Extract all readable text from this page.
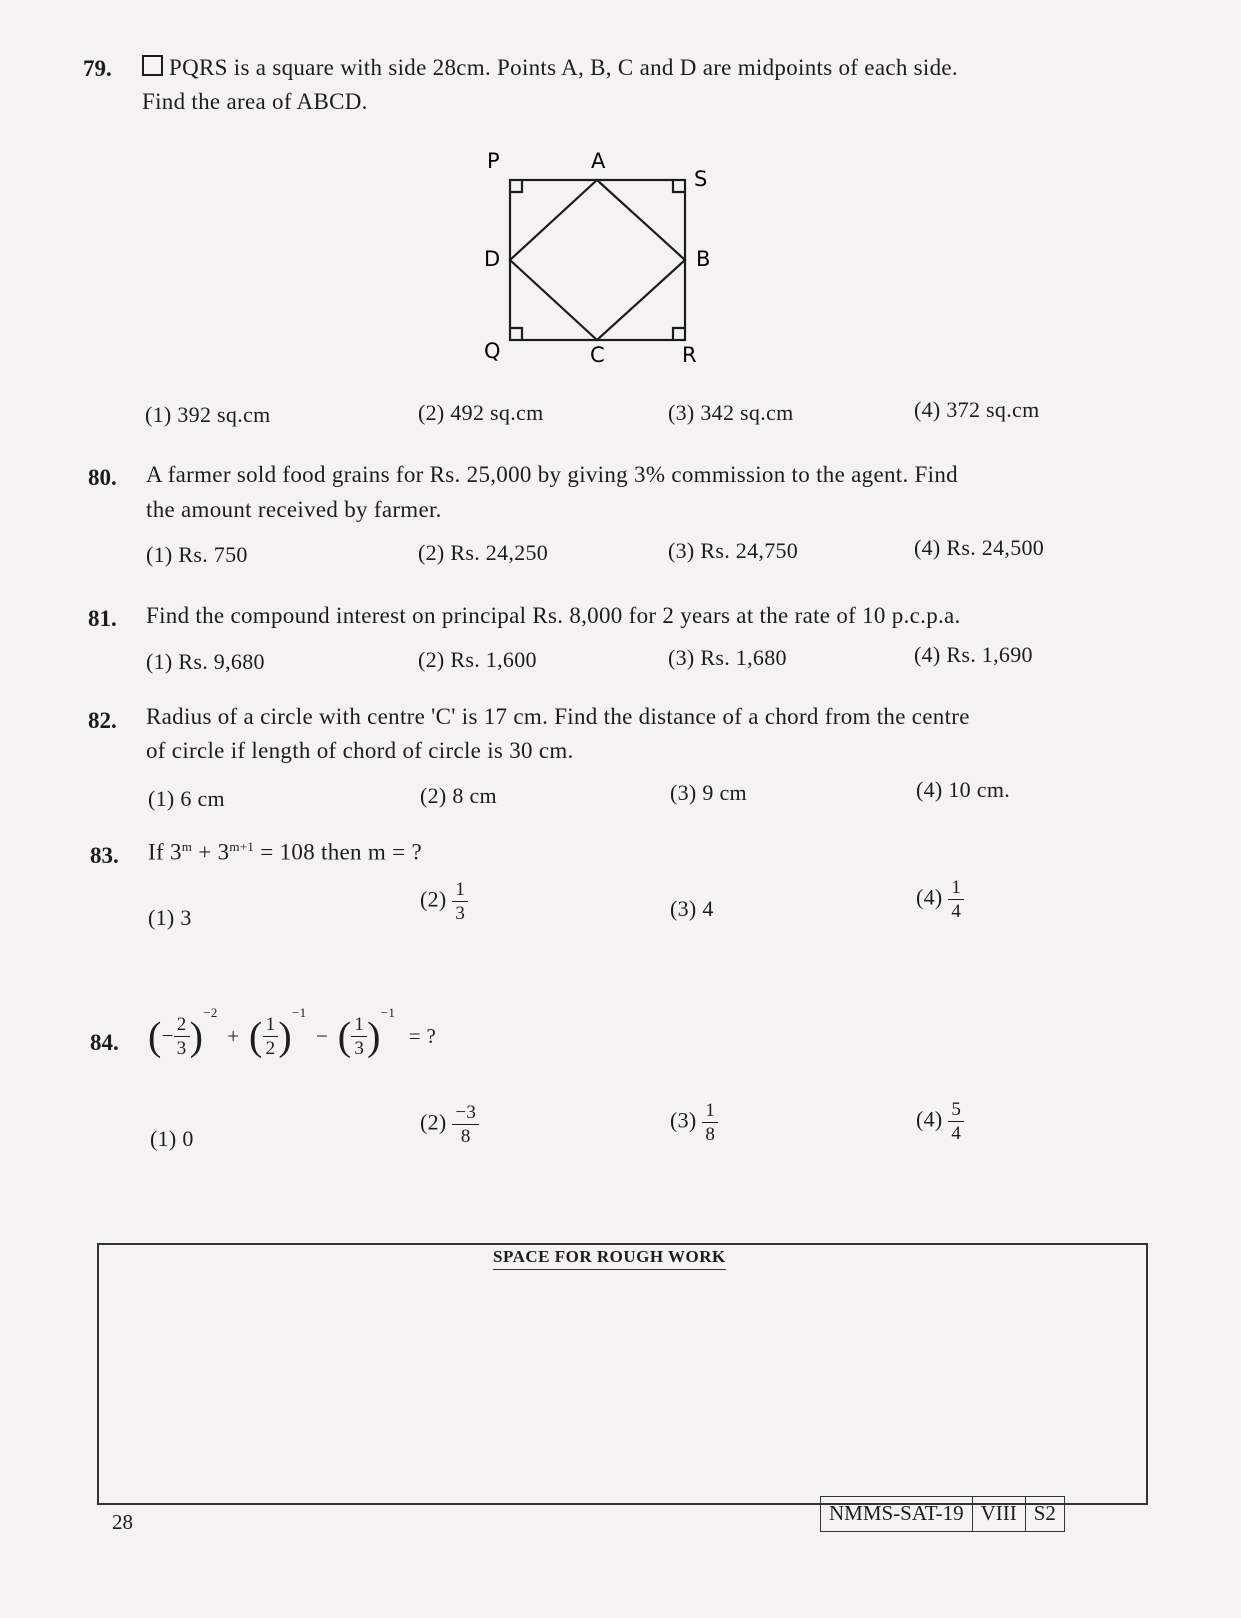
79.	PQRS is a square with side 28cm. Points A, B, C and D are midpoints of each side.
Find the area of ABCD.
P	A
S
D	B
Q	C	R
(1) 392 sq.cm	(2) 492 sq.cm	(3) 342 sq.cm	(4) 372 sq.cm
80. A farmer sold food grains for Rs. 25,000 by giving 3% commission to the agent. Find
the amount received by farmer.
(1) Rs. 750	(2) Rs. 24,250	(3) Rs. 24,750	(4) Rs. 24,500
81. Find the compound interest on principal Rs. 8,000 for 2 years at the rate of 10 p.c.p.a.
(1) Rs. 9,680	(2) Rs. 1,600	(3) Rs. 1,680	(4) Rs. 1,690
82. Radius of a circle with centre 'C' is 17 cm. Find the distance of a chord from the centre
of circle if length of chord of circle is 30 cm.
(1) 6 cm	(2) 8 cm	(3) 9 cm	(4) 10 cm.
83. If $3^m + 3^{m+1} = 108$ then m = ?
(1) 3
$(2) \frac{1}{3}$	(3) 4	$(4) \frac{1}{4}$
84. (− $\frac{2}{3} )^{-2}$ + ( $\frac{1}{2} )^{-1}$ − ( $\frac{1}{3} )^{-1}$ = ?
(1) 0
$(2) \frac{-3}{8}$	$(3) \frac{1}{8}$	$(4) \frac{5}{4}$
SPACE FOR ROUGH WORK
28	NMMS-SAT-19 VIII S2
